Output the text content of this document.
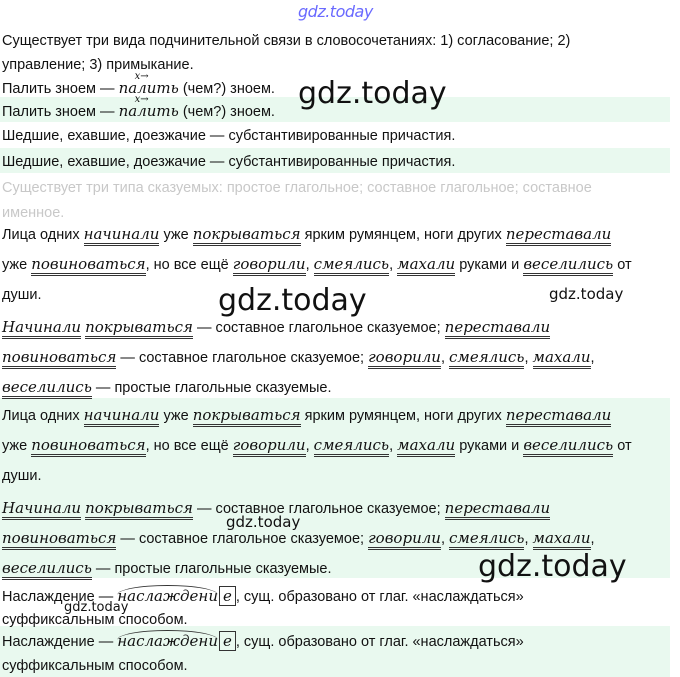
gdz.today
gdz.today
gdz.today	gdz.today
gdz.today
gdz.today
gdz.today
Существует три вида подчинительной связи в словосочетаниях: 1) согласование; 2)
управление; 3) примыкание.
Палить зноем —
x→
палить (чем?) зноем.
Палить зноем —
x→
палить (чем?) зноем.
Шедшие, ехавшие, доезжачие — субстантивированные причастия.
Шедшие, ехавшие, доезжачие — субстантивированные причастия.
Существует три типа сказуемых: простое глагольное; составное глагольное; составное
именное.
Лица одних начинали уже покрываться ярким румянцем, ноги других переставали
уже повиноваться, но все ещё говорили, смеялись, махали руками и веселились от
души.
Начинали покрываться — составное глагольное сказуемое; переставали
повиноваться — составное глагольное сказуемое; говорили, смеялись, махали,
веселились — простые глагольные сказуемые.
Лица одних начинали уже покрываться ярким румянцем, ноги других переставали
уже повиноваться, но все ещё говорили, смеялись, махали руками и веселились от
души.
Начинали покрываться — составное глагольное сказуемое; переставали
повиноваться — составное глагольное сказуемое; говорили, смеялись, махали,
веселились — простые глагольные сказуемые.
Наслаждение — наслаждени е , сущ. образовано от глаг. «наслаждаться»
суффиксальным способом.
Наслаждение — наслаждени е , сущ. образовано от глаг. «наслаждаться»
суффиксальным способом.
